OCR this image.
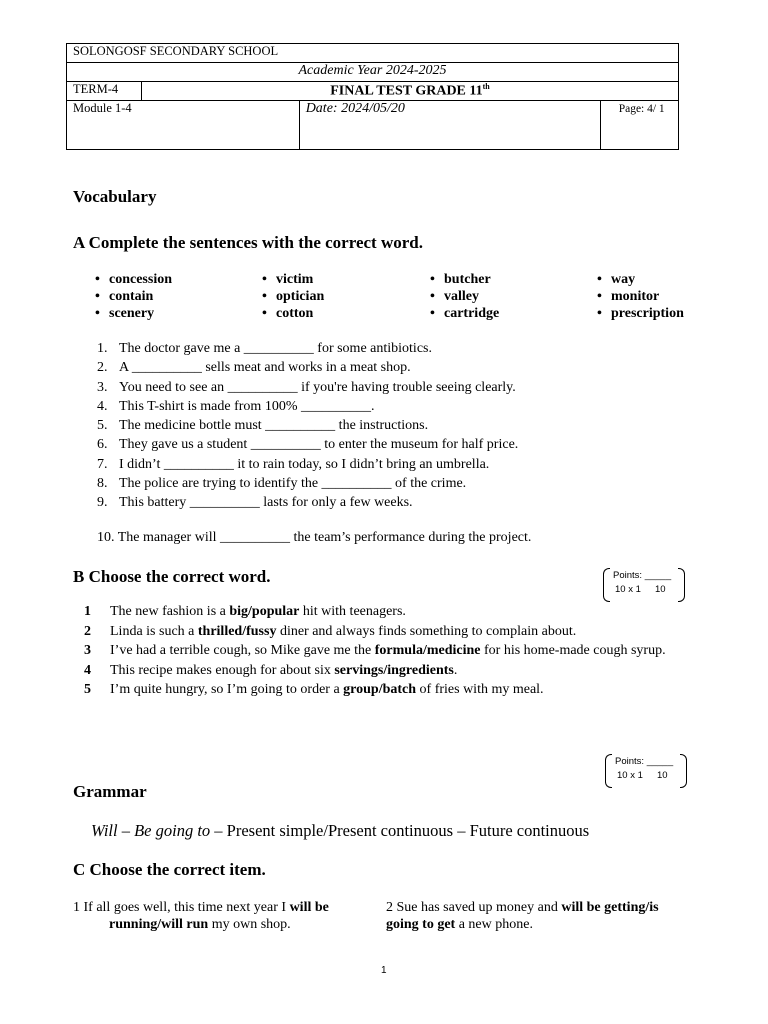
SOLONGOSF SECONDARY SCHOOL			
Academic Year 2024-2025			
TERM-4	FINAL TEST GRADE 11th
Module 1-4		Date: 2024/05/20	Page: 4/ 1
Vocabulary
A Complete the sentences with the correct word.
• concession
• contain
• scenery
• victim
• optician
• cotton
• butcher
• valley
• cartridge
• way
• monitor
• prescription
1. The doctor gave me a __________ for some antibiotics.
2. A __________ sells meat and works in a meat shop.
3. You need to see an __________ if you're having trouble seeing clearly.
4. This T-shirt is made from 100% __________.
5. The medicine bottle must __________ the instructions.
6. They gave us a student __________ to enter the museum for half price.
7. I didn’t __________ it to rain today, so I didn’t bring an umbrella.
8. The police are trying to identify the __________ of the crime.
9. This battery __________ lasts for only a few weeks.
10. The manager will __________ the team’s performance during the project.
B Choose the correct word.	Points: _____
10 x 1 10
1	The new fashion is a big/popular hit with teenagers.
2	Linda is such a thrilled/fussy diner and always finds something to complain about.
3	I’ve had a terrible cough, so Mike gave me the formula/medicine for his home-made cough syrup.
4	This recipe makes enough for about six servings/ingredients.
5	I’m quite hungry, so I’m going to order a group/batch of fries with my meal.
Points: _____
10 x 1 10
Grammar
Will – Be going to – Present simple/Present continuous – Future continuous
C Choose the correct item.
1 If all goes well, this time next year I will be
running/will run my own shop.
2 Sue has saved up money and will be getting/is
going to get a new phone.
1
